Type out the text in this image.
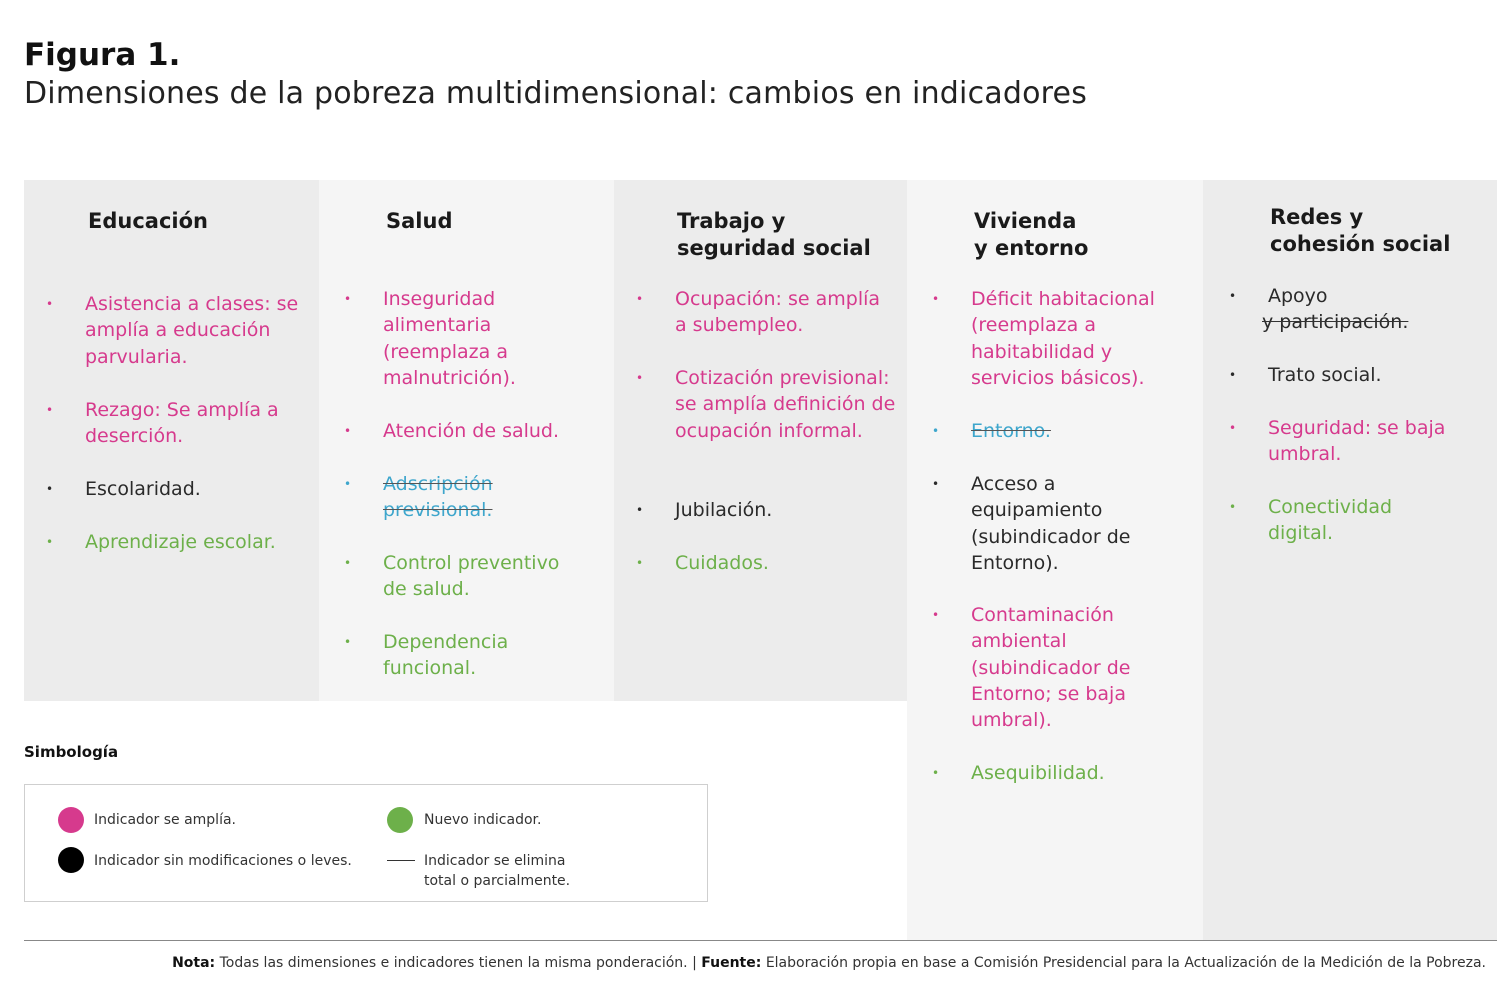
Figura 1.
Dimensiones de la pobreza multidimensional: cambios en indicadores
Educación
• Asistencia a clases: se amplía a educación parvularia.
• Rezago: Se amplía a deserción.
• Escolaridad.
• Aprendizaje escolar.
Salud
• Inseguridad alimentaria (reemplaza a malnutrición).
• Atención de salud.
• Adscripción previsional.
• Control preventivo de salud.
• Dependencia funcional.
Trabajo y
seguridad social
• Ocupación: se amplía a subempleo.
• Cotización previsional: se amplía definición de ocupación informal.
• Jubilación.
• Cuidados.
Vivienda
y entorno
• Déficit habitacional (reemplaza a habitabilidad y servicios básicos).
• Entorno.
• Acceso a equipamiento (subindicador de Entorno).
• Contaminación ambiental (subindicador de Entorno; se baja umbral).
• Asequibilidad.
Redes y
cohesión social
• Apoyo
y participación.
• Trato social.
• Seguridad: se baja umbral.
• Conectividad digital.
Simbología
Indicador se amplía.
Indicador sin modificaciones o leves.
Nuevo indicador.
Indicador se elimina total o parcialmente.
Nota: Todas las dimensiones e indicadores tienen la misma ponderación. | Fuente: Elaboración propia en base a Comisión Presidencial para la Actualización de la Medición de la Pobreza.
